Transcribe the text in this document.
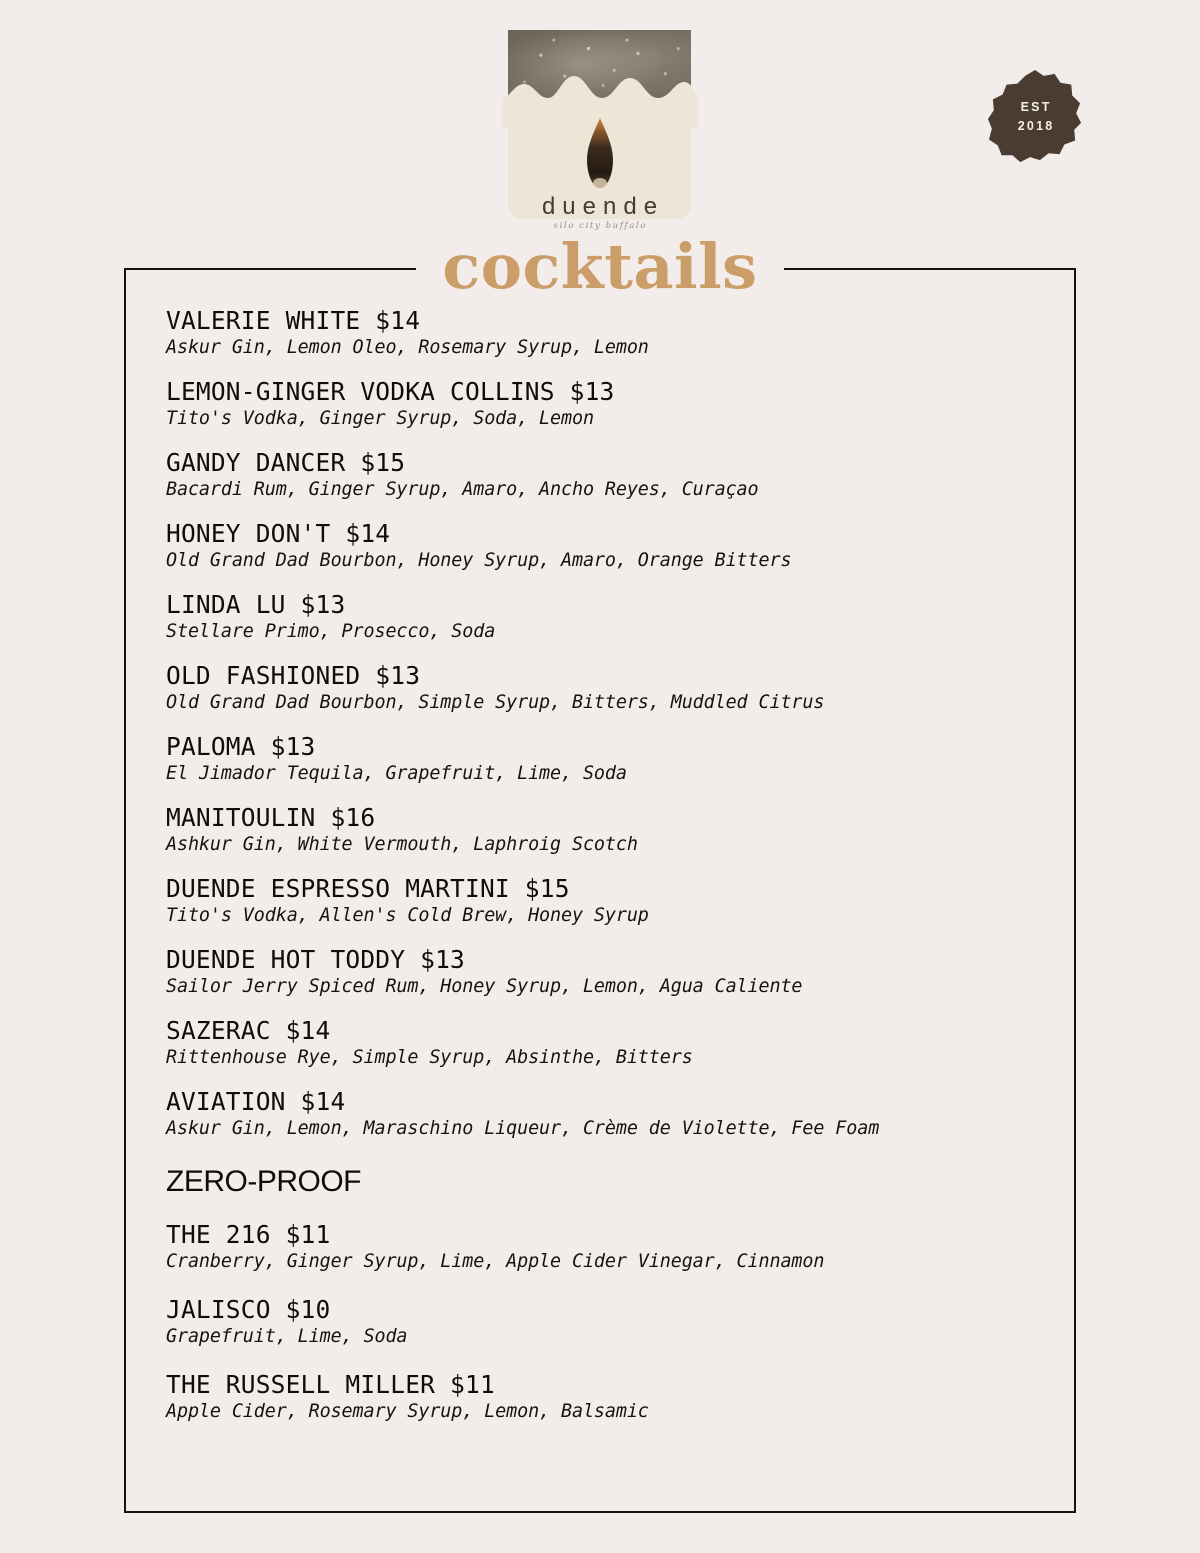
duende
silo city buffalo
EST
2018
cocktails
VALERIE WHITE $14
Askur Gin, Lemon Oleo, Rosemary Syrup, Lemon
LEMON-GINGER VODKA COLLINS $13
Tito's Vodka, Ginger Syrup, Soda, Lemon
GANDY DANCER $15
Bacardi Rum, Ginger Syrup, Amaro, Ancho Reyes, Curaçao
HONEY DON'T $14
Old Grand Dad Bourbon, Honey Syrup, Amaro, Orange Bitters
LINDA LU $13
Stellare Primo, Prosecco, Soda
OLD FASHIONED $13
Old Grand Dad Bourbon, Simple Syrup, Bitters, Muddled Citrus
PALOMA $13
El Jimador Tequila, Grapefruit, Lime, Soda
MANITOULIN $16
Ashkur Gin, White Vermouth, Laphroig Scotch
DUENDE ESPRESSO MARTINI $15
Tito's Vodka, Allen's Cold Brew, Honey Syrup
DUENDE HOT TODDY $13
Sailor Jerry Spiced Rum, Honey Syrup, Lemon, Agua Caliente
SAZERAC $14
Rittenhouse Rye, Simple Syrup, Absinthe, Bitters
AVIATION $14
Askur Gin, Lemon, Maraschino Liqueur, Crème de Violette, Fee Foam
ZERO-PROOF
THE 216 $11
Cranberry, Ginger Syrup, Lime, Apple Cider Vinegar, Cinnamon
JALISCO $10
Grapefruit, Lime, Soda
THE RUSSELL MILLER $11
Apple Cider, Rosemary Syrup, Lemon, Balsamic
